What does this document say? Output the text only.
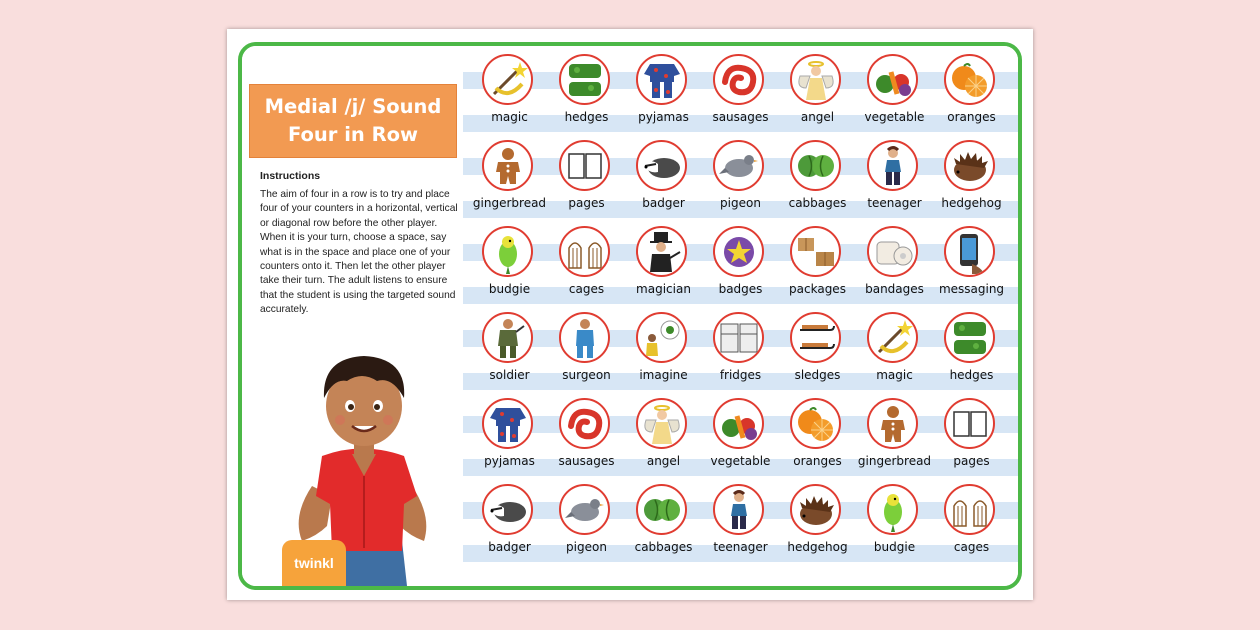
Medial /j/ Sound
Four in Row
Instructions
The aim of four in a row is to try and place four of your counters in a horizontal, vertical or diagonal row before the other player. When it is your turn, choose a space, say what is in the space and place one of your counters onto it. Then let the other player take their turn. The adult listens to ensure that the student is using the targeted sound accurately.
twinkl
magic	hedges	pyjamas	sausages	angel	vegetable	oranges
gingerbread	pages	badger	pigeon	cabbages	teenager	hedgehog
budgie	cages	magician	badges	packages	bandages	messaging
soldier	surgeon	imagine	fridges	sledges	magic	hedges
pyjamas	sausages	angel	vegetable	oranges	gingerbread	pages
badger	pigeon	cabbages	teenager	hedgehog	budgie	cages
